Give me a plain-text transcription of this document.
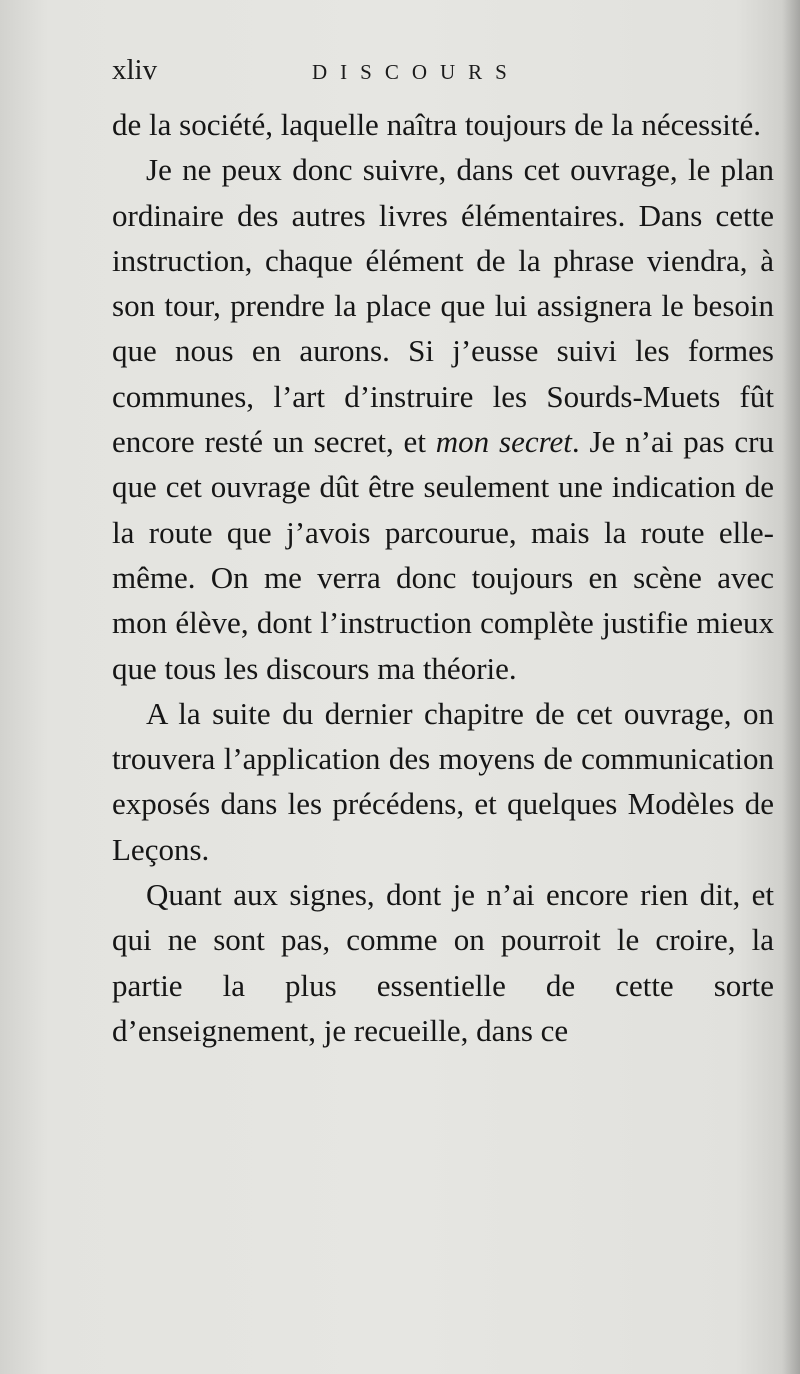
xliv	DISCOURS

de la société, laquelle naîtra toujours de la nécessité.

Je ne peux donc suivre, dans cet ouvrage, le plan ordinaire des autres livres élémentaires. Dans cette instruction, chaque élément de la phrase viendra, à son tour, prendre la place que lui assignera le besoin que nous en aurons. Si j’eusse suivi les formes communes, l’art d’instruire les Sourds-Muets fût encore resté un secret, et mon secret. Je n’ai pas cru que cet ouvrage dût être seulement une indication de la route que j’avois parcourue, mais la route elle-même. On me verra donc toujours en scène avec mon élève, dont l’instruction complète justifie mieux que tous les discours ma théorie.

A la suite du dernier chapitre de cet ouvrage, on trouvera l’application des moyens de communication exposés dans les précédens, et quelques Modèles de Leçons.

Quant aux signes, dont je n’ai encore rien dit, et qui ne sont pas, comme on pourroit le croire, la partie la plus essentielle de cette sorte d’enseignement, je recueille, dans ce
